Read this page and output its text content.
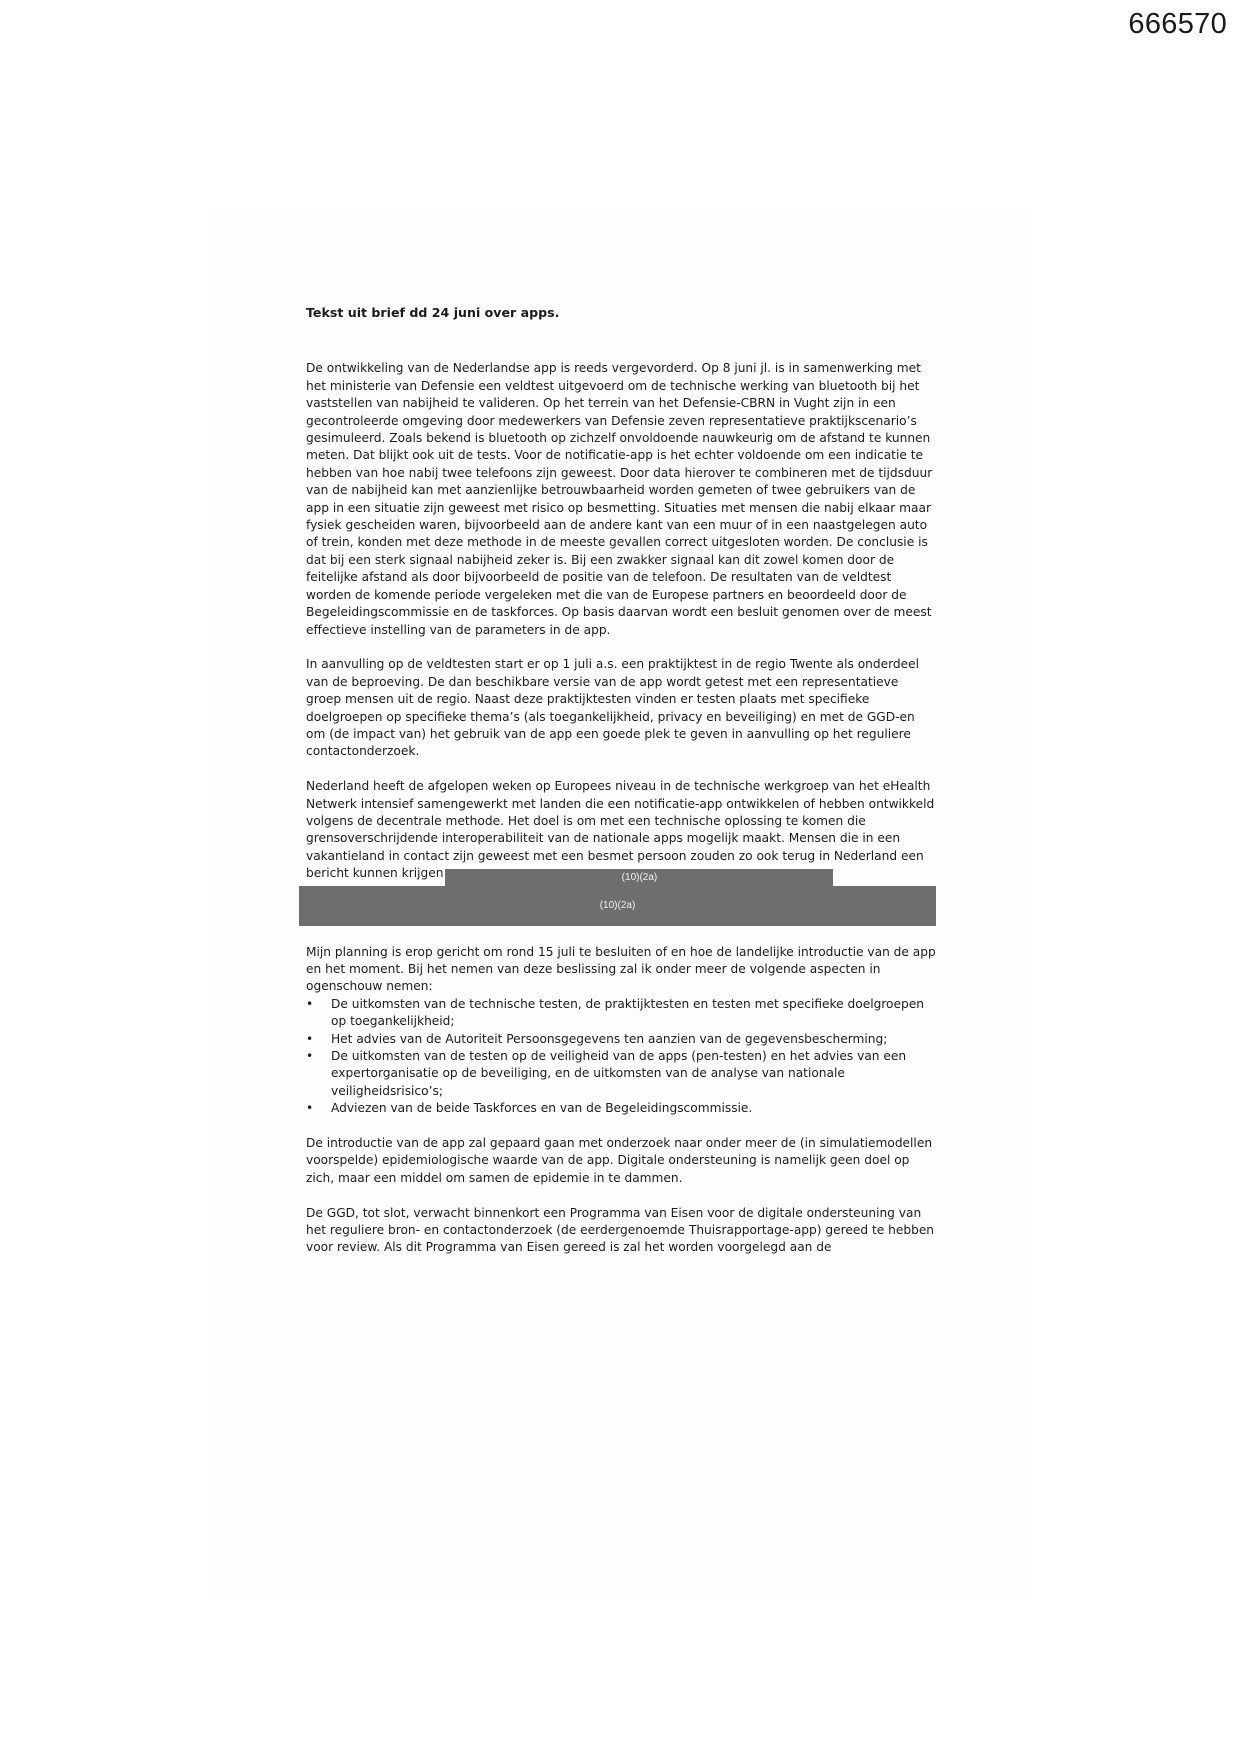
666570
Tekst uit brief dd 24 juni over apps.

De ontwikkeling van de Nederlandse app is reeds vergevorderd. Op 8 juni jl. is in samenwerking met het ministerie van Defensie een veldtest uitgevoerd om de technische werking van bluetooth bij het vaststellen van nabijheid te valideren. Op het terrein van het Defensie-CBRN in Vught zijn in een gecontroleerde omgeving door medewerkers van Defensie zeven representatieve praktijkscenario’s gesimuleerd. Zoals bekend is bluetooth op zichzelf onvoldoende nauwkeurig om de afstand te kunnen meten. Dat blijkt ook uit de tests. Voor de notificatie-app is het echter voldoende om een indicatie te hebben van hoe nabij twee telefoons zijn geweest. Door data hierover te combineren met de tijdsduur van de nabijheid kan met aanzienlijke betrouwbaarheid worden gemeten of twee gebruikers van de app in een situatie zijn geweest met risico op besmetting. Situaties met mensen die nabij elkaar maar fysiek gescheiden waren, bijvoorbeeld aan de andere kant van een muur of in een naastgelegen auto of trein, konden met deze methode in de meeste gevallen correct uitgesloten worden. De conclusie is dat bij een sterk signaal nabijheid zeker is. Bij een zwakker signaal kan dit zowel komen door de feitelijke afstand als door bijvoorbeeld de positie van de telefoon. De resultaten van de veldtest worden de komende periode vergeleken met die van de Europese partners en beoordeeld door de Begeleidingscommissie en de taskforces. Op basis daarvan wordt een besluit genomen over de meest effectieve instelling van de parameters in de app.

In aanvulling op de veldtesten start er op 1 juli a.s. een praktijktest in de regio Twente als onderdeel van de beproeving. De dan beschikbare versie van de app wordt getest met een representatieve groep mensen uit de regio. Naast deze praktijktesten vinden er testen plaats met specifieke doelgroepen op specifieke thema’s (als toegankelijkheid, privacy en beveiliging) en met de GGD-en om (de impact van) het gebruik van de app een goede plek te geven in aanvulling op het reguliere contactonderzoek.

Nederland heeft de afgelopen weken op Europees niveau in de technische werkgroep van het eHealth Netwerk intensief samengewerkt met landen die een notificatie-app ontwikkelen of hebben ontwikkeld volgens de decentrale methode. Het doel is om met een technische oplossing te komen die grensoverschrijdende interoperabiliteit van de nationale apps mogelijk maakt. Mensen die in een vakantieland in contact zijn geweest met een besmet persoon zouden zo ook terug in Nederland een bericht kunnen krijgen	(10)(2a)

(10)(2a)

Mijn planning is erop gericht om rond 15 juli te besluiten of en hoe de landelijke introductie van de app en het moment. Bij het nemen van deze beslissing zal ik onder meer de volgende aspecten in ogenschouw nemen:

• De uitkomsten van de technische testen, de praktijktesten en testen met specifieke doelgroepen op toegankelijkheid;
• Het advies van de Autoriteit Persoonsgegevens ten aanzien van de gegevensbescherming;
• De uitkomsten van de testen op de veiligheid van de apps (pen-testen) en het advies van een expertorganisatie op de beveiliging, en de uitkomsten van de analyse van nationale veiligheidsrisico’s;
• Adviezen van de beide Taskforces en van de Begeleidingscommissie.

De introductie van de app zal gepaard gaan met onderzoek naar onder meer de (in simulatiemodellen voorspelde) epidemiologische waarde van de app. Digitale ondersteuning is namelijk geen doel op zich, maar een middel om samen de epidemie in te dammen.

De GGD, tot slot, verwacht binnenkort een Programma van Eisen voor de digitale ondersteuning van het reguliere bron- en contactonderzoek (de eerdergenoemde Thuisrapportage-app) gereed te hebben voor review. Als dit Programma van Eisen gereed is zal het worden voorgelegd aan de
